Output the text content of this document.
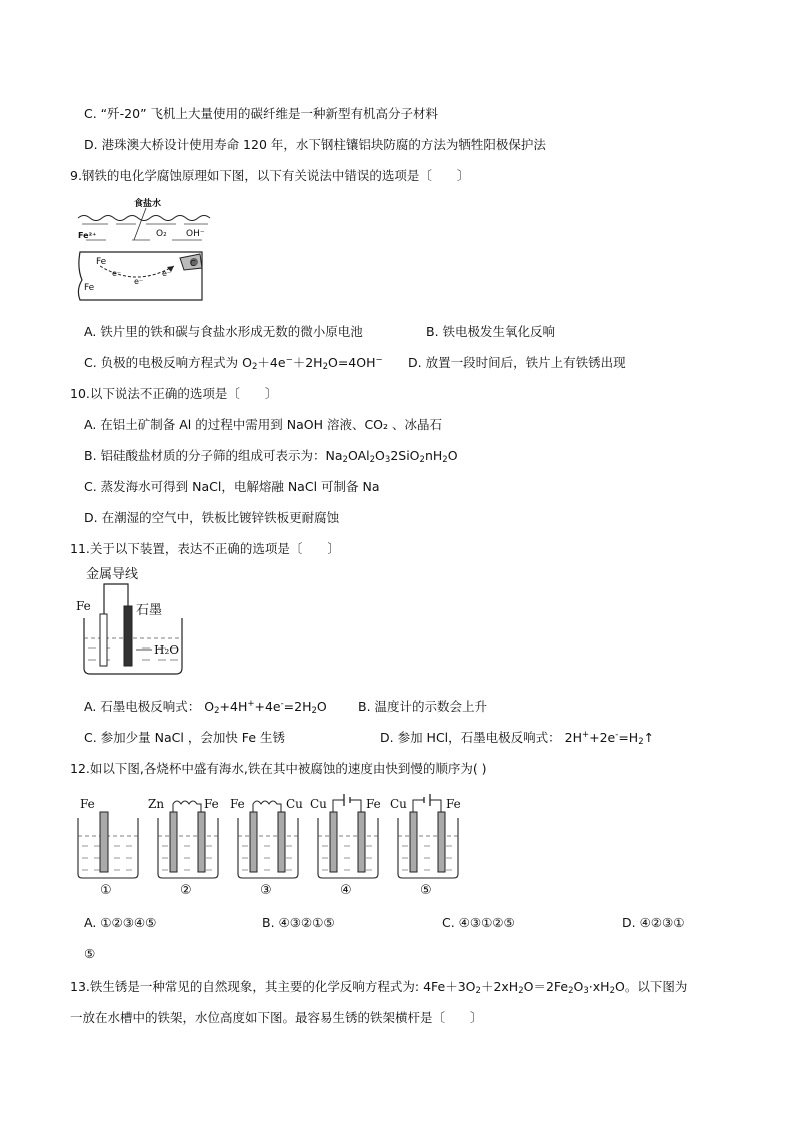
C. “歼-20” 飞机上大量使用的碳纤维是一种新型有机高分子材料
D. 港珠澳大桥设计使用寿命 120 年，水下钢柱镶铝块防腐的方法为牺牲阳极保护法
9.钢铁的电化学腐蚀原理如下图，以下有关说法中错误的选项是〔　　〕
食盐水
Fe²⁺	O₂ OH⁻
Fe
Fe
e⁻
e⁻
e⁻
C
A. 铁片里的铁和碳与食盐水形成无数的微小原电池	B. 铁电极发生氧化反响
C. 负极的电极反响方程式为 $O_2+4e^-+2H_2O=4OH^-$ D. 放置一段时间后，铁片上有铁锈出现
10.以下说法不正确的选项是〔　　〕
A. 在铝土矿制备 Al 的过程中需用到 NaOH 溶液、CO₂ 、冰晶石
B. 铝硅酸盐材质的分子筛的组成可表示为：$Na_2OAl_2O_32SiO_2nH_2O$
C. 蒸发海水可得到 NaCl，电解熔融 NaCl 可制备 Na
D. 在潮湿的空气中，铁板比镀锌铁板更耐腐蚀
11.关于以下装置，表达不正确的选项是〔　　〕
金属导线
Fe	石墨
H₂O
A. 石墨电极反响式： $O_2+4H^++4e^-=2H_2O$ B. 温度计的示数会上升
C. 参加少量 NaCl ，会加快 Fe 生锈	D. 参加 HCl，石墨电极反响式： $2H^++2e^-=H_2↑$
12.如以下图,各烧杯中盛有海水,铁在其中被腐蚀的速度由快到慢的顺序为( )
Fe
①
Zn	Fe
②
Fe	Cu
③
Cu	Fe
④
Cu	Fe
⑤
A. ①②③④⑤	B. ④③②①⑤	C. ④③①②⑤	D. ④②③①
⑤
13.铁生锈是一种常见的自然现象，其主要的化学反响方程式为: $4Fe+3O_2+2xH_2O=2Fe_2O_3\cdot xH_2O$。以下图为
一放在水槽中的铁架，水位高度如下图。最容易生锈的铁架横杆是〔　　〕
